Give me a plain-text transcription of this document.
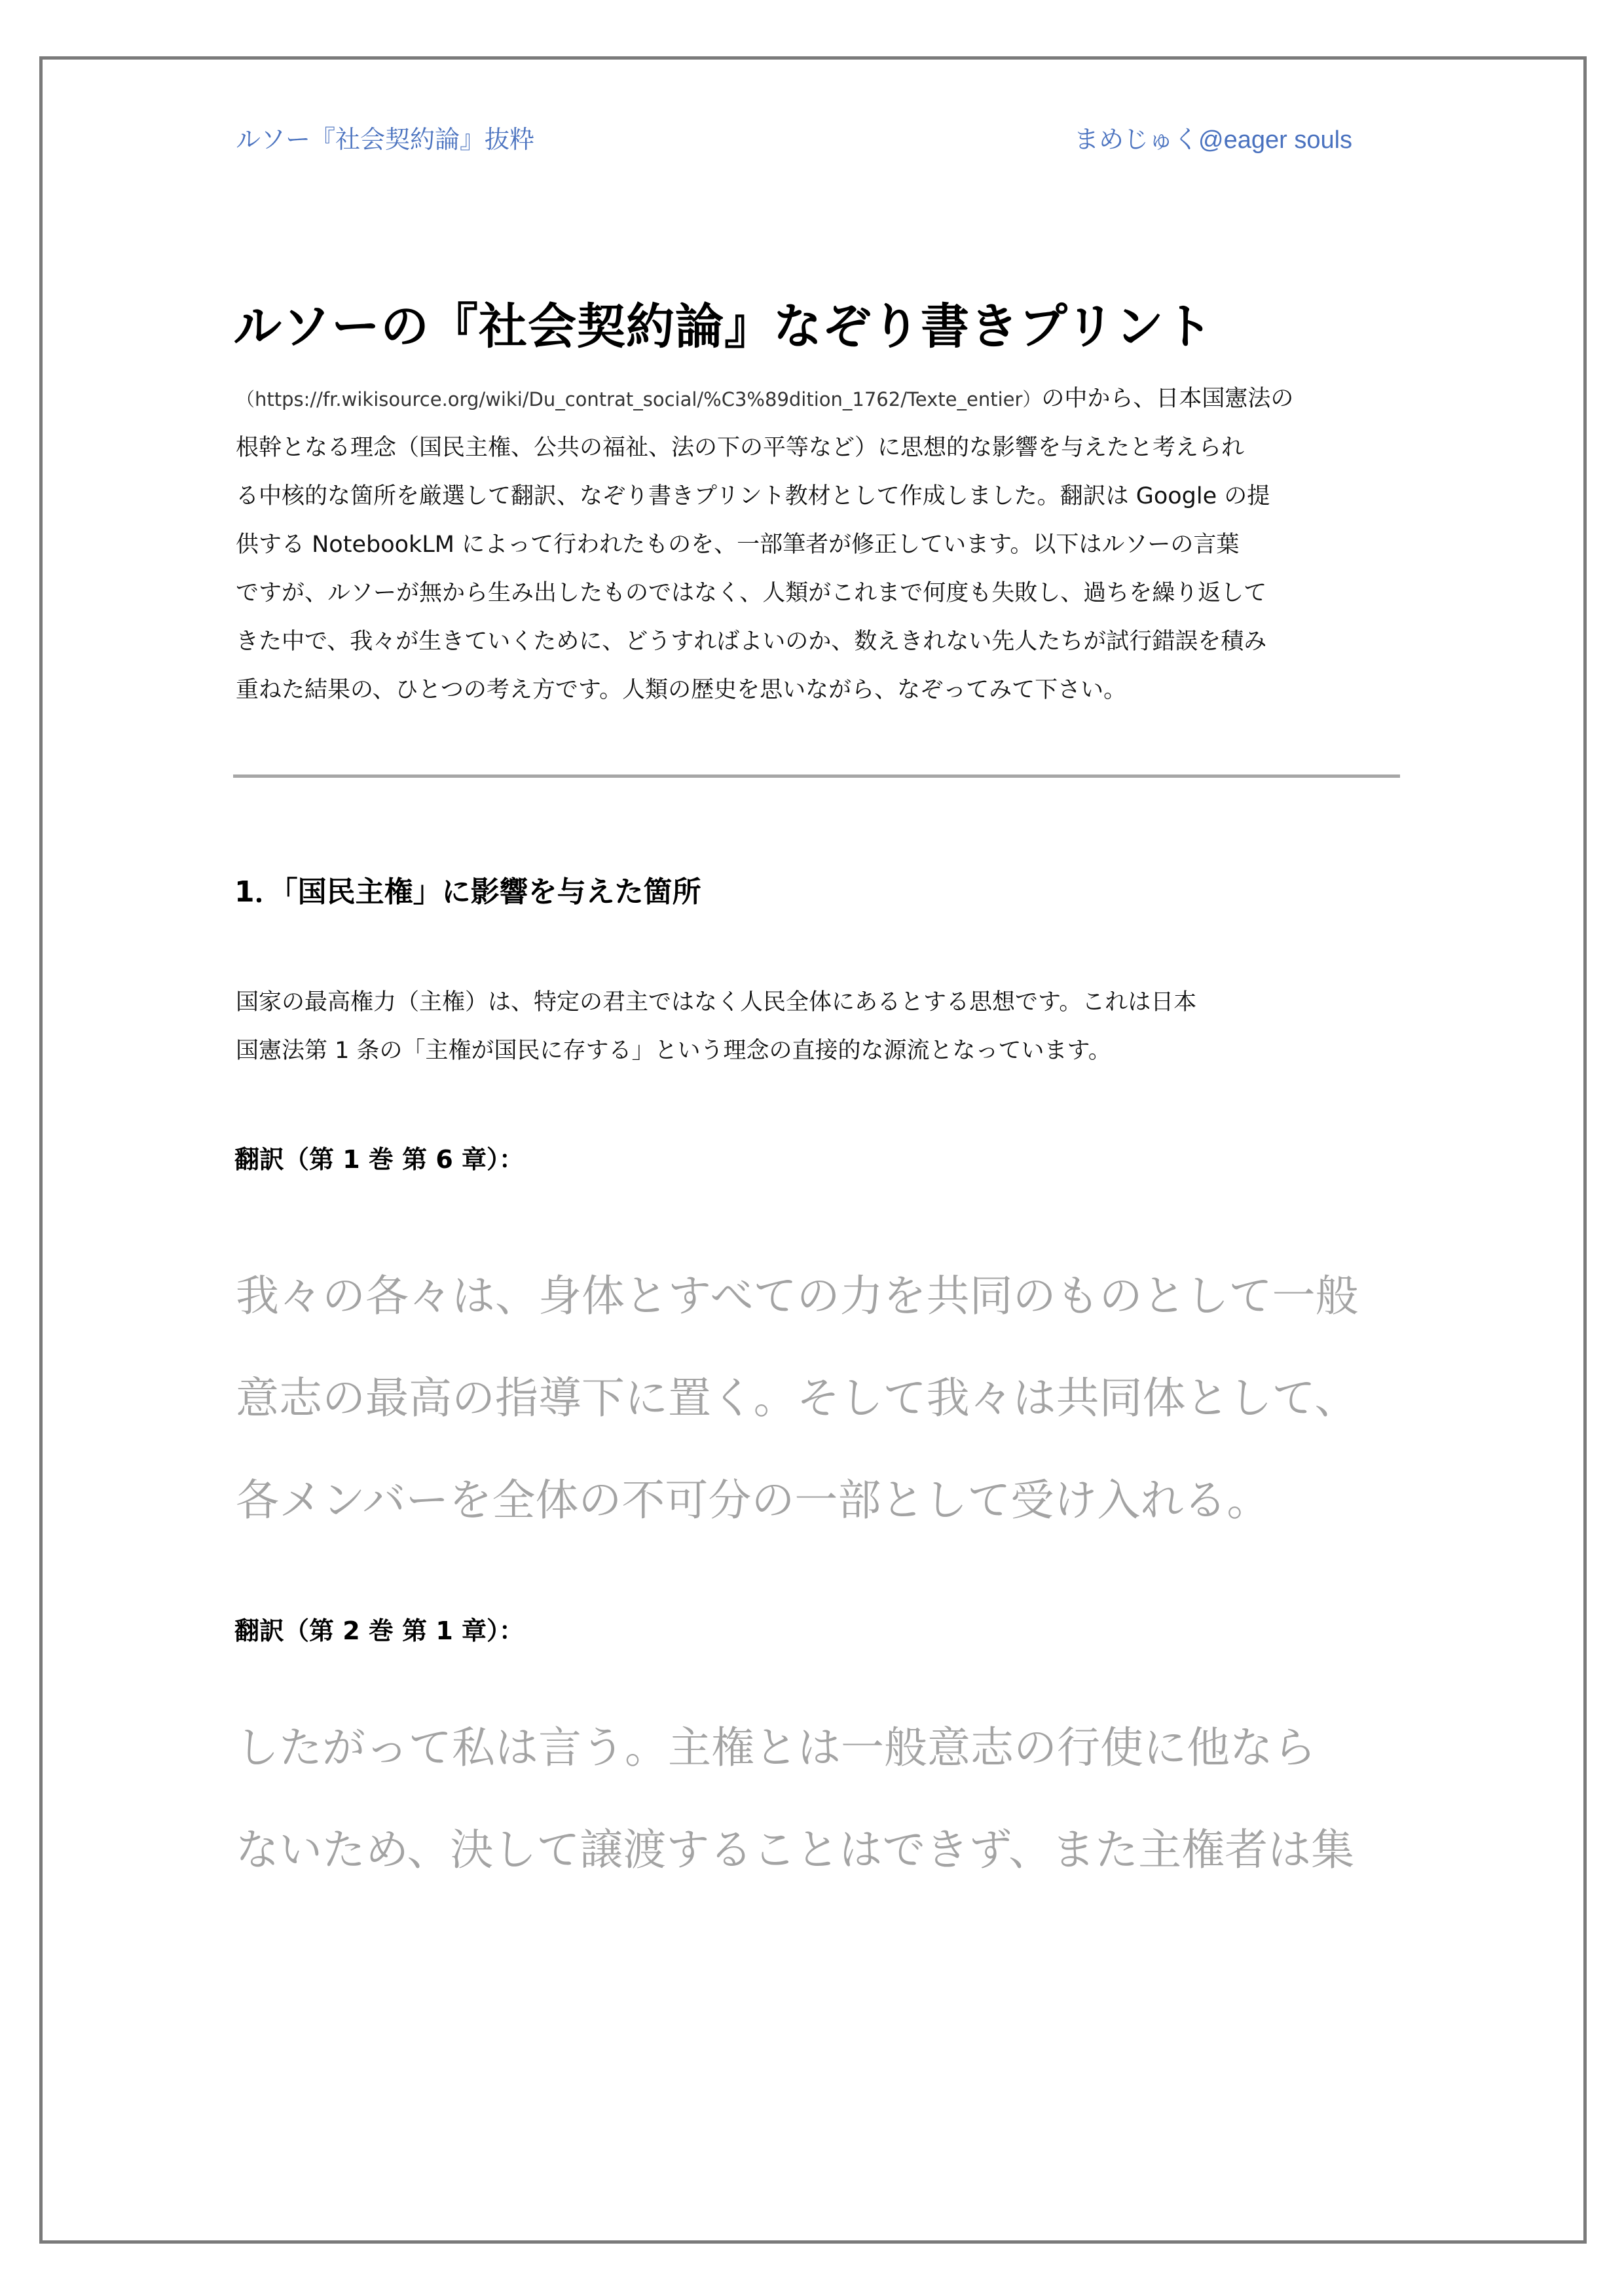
ルソー『社会契約論』抜粋	まめじゅく@eager souls
ルソーの『社会契約論』なぞり書きプリント
（https://fr.wikisource.org/wiki/Du_contrat_social/%C3%89dition_1762/Texte_entier）の中から、日本国憲法の
根幹となる理念（国民主権、公共の福祉、法の下の平等など）に思想的な影響を与えたと考えられ
る中核的な箇所を厳選して翻訳、なぞり書きプリント教材として作成しました。翻訳は Google の提
供する NotebookLM によって行われたものを、一部筆者が修正しています。以下はルソーの言葉
ですが、ルソーが無から生み出したものではなく、人類がこれまで何度も失敗し、過ちを繰り返して
きた中で、我々が生きていくために、どうすればよいのか、数えきれない先人たちが試行錯誤を積み
重ねた結果の、ひとつの考え方です。人類の歴史を思いながら、なぞってみて下さい。
1．「国民主権」に影響を与えた箇所
国家の最高権力（主権）は、特定の君主ではなく人民全体にあるとする思想です。これは日本
国憲法第 1 条の「主権が国民に存する」という理念の直接的な源流となっています。
翻訳（第 1 巻 第 6 章）：
我々の各々は、身体とすべての力を共同のものとして一般
意志の最高の指導下に置く。そして我々は共同体として、
各メンバーを全体の不可分の一部として受け入れる。
翻訳（第 2 巻 第 1 章）：
したがって私は言う。主権とは一般意志の行使に他なら
ないため、決して譲渡することはできず、また主権者は集
